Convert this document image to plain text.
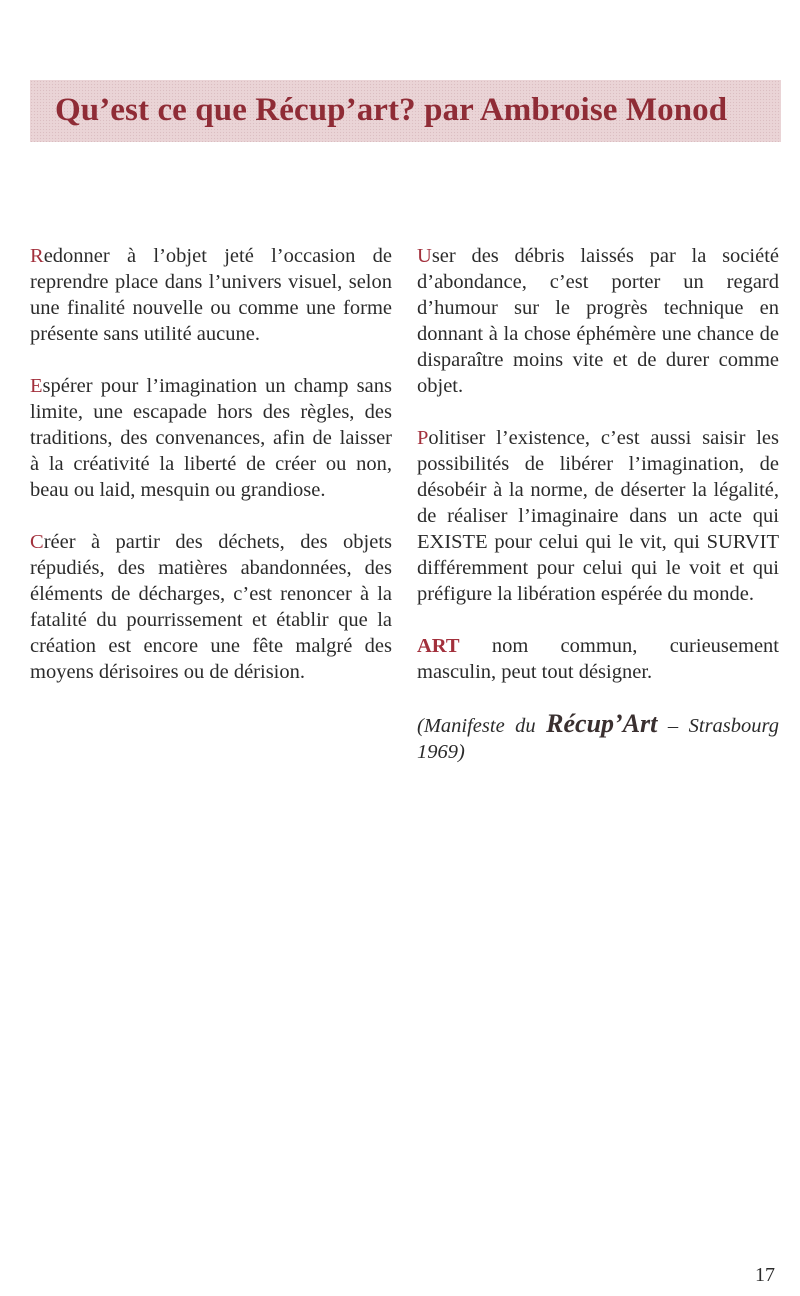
Qu’est ce que Récup’art? par Ambroise Monod

Redonner à l’objet jeté l’occasion de reprendre place dans l’univers visuel, selon une finalité nouvelle ou comme une forme présente sans utilité aucune.

Espérer pour l’imagination un champ sans limite, une escapade hors des règles, des traditions, des convenances, afin de laisser à la créativité la liberté de créer ou non, beau ou laid, mesquin ou grandiose.

Créer à partir des déchets, des objets répudiés, des matières abandonnées, des éléments de décharges, c’est renoncer à la fatalité du pourrissement et établir que la création est encore une fête malgré des moyens dérisoires ou de dérision.

User des débris laissés par la société d’abondance, c’est porter un regard d’humour sur le progrès technique en donnant à la chose éphémère une chance de disparaître moins vite et de durer comme objet.

Politiser l’existence, c’est aussi saisir les possibilités de libérer l’imagination, de désobéir à la norme, de déserter la légalité, de réaliser l’imaginaire dans un acte qui EXISTE pour celui qui le vit, qui SURVIT différemment pour celui qui le voit et qui préfigure la libération espérée du monde.

ART nom commun, curieusement masculin, peut tout désigner.

(Manifeste du Récup’Art – Strasbourg 1969)

17
